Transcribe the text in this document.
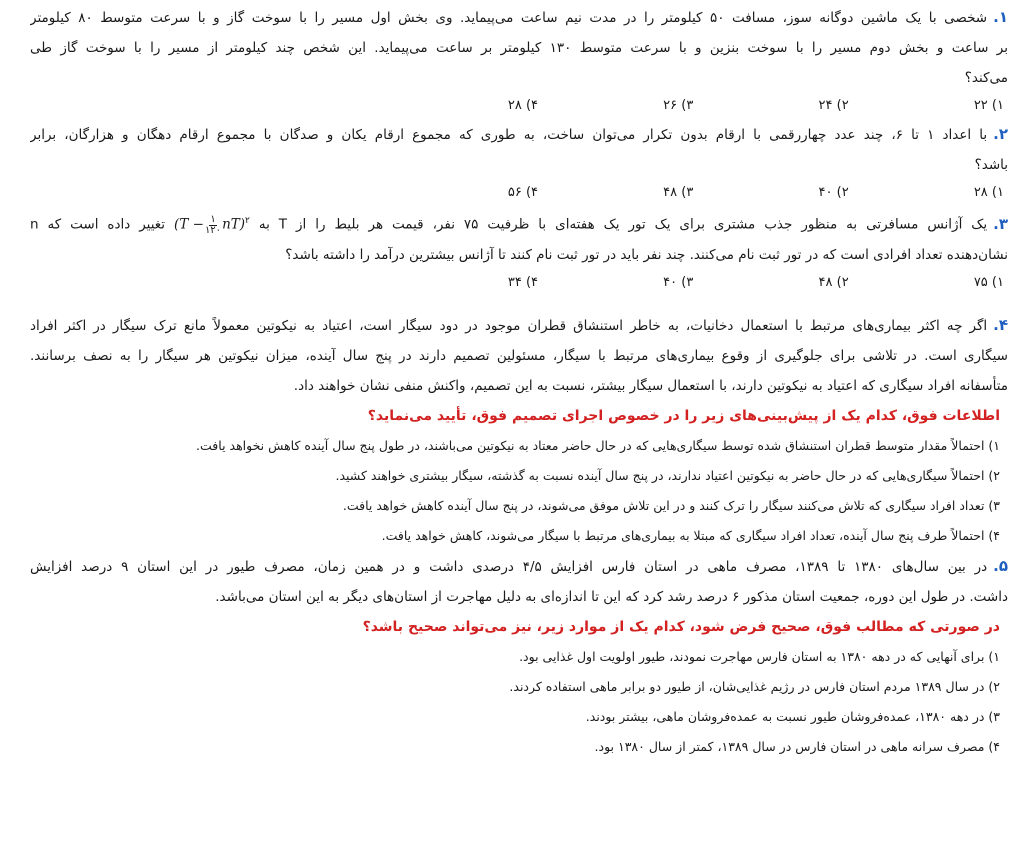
۱.شخصی با یک ماشین دوگانه سوز، مسافت ۵۰ کیلومتر را در مدت نیم ساعت می‌پیماید. وی بخش اول مسیر را با سوخت گاز و با سرعت متوسط ۸۰ کیلومتر
بر ساعت و بخش دوم مسیر را با سوخت بنزین و با سرعت متوسط ۱۳۰ کیلومتر بر ساعت می‌پیماید. این شخص چند کیلومتر از مسیر را با سوخت گاز طی
می‌کند؟
۱) ۲۲
۲) ۲۴
۳) ۲۶
۴) ۲۸
۲.با اعداد ۱ تا ۶، چند عدد چهاررقمی با ارقام بدون تکرار می‌توان ساخت، به طوری که مجموع ارقام یکان و صدگان با مجموع ارقام دهگان و هزارگان، برابر
باشد؟
۱) ۲۸
۲) ۴۰
۳) ۴۸
۴) ۵۶
۳.یک آژانس مسافرتی به منظور جذب مشتری برای یک تور یک هفته‌ای با ظرفیت ۷۵ نفر، قیمت هر بلیط را از T به $(T - \frac{۱}{۱۲۰} nT)^۲$ تغییر داده است که n
نشان‌دهنده تعداد افرادی است که در تور ثبت نام می‌کنند. چند نفر باید در تور ثبت نام کنند تا آژانس بیشترین درآمد را داشته باشد؟
۱) ۷۵
۲) ۴۸
۳) ۴۰
۴) ۳۴
۴.اگر چه اکثر بیماری‌های مرتبط با استعمال دخانیات، به خاطر استنشاق قطران موجود در دود سیگار است، اعتیاد به نیکوتین معمولاً مانع ترک سیگار در اکثر افراد
سیگاری است. در تلاشی برای جلوگیری از وقوع بیماری‌های مرتبط با سیگار، مسئولین تصمیم دارند در پنج سال آینده، میزان نیکوتین هر سیگار را به نصف برسانند.
متأسفانه افراد سیگاری که اعتیاد به نیکوتین دارند، با استعمال سیگار بیشتر، نسبت به این تصمیم، واکنش منفی نشان خواهند داد.
اطلاعات فوق، کدام یک از پیش‌بینی‌های زیر را در خصوص اجرای تصمیم فوق، تأیید می‌نماید؟
۱) احتمالاً مقدار متوسط قطران استنشاق شده توسط سیگاری‌هایی که در حال حاضر معتاد به نیکوتین می‌باشند، در طول پنج سال آینده کاهش نخواهد یافت.
۲) احتمالاً سیگاری‌هایی که در حال حاضر به نیکوتین اعتیاد ندارند، در پنج سال آینده نسبت به گذشته، سیگار بیشتری خواهند کشید.
۳) تعداد افراد سیگاری که تلاش می‌کنند سیگار را ترک کنند و در این تلاش موفق می‌شوند، در پنج سال آینده کاهش خواهد یافت.
۴) احتمالاً طرف پنج سال آینده، تعداد افراد سیگاری که مبتلا به بیماری‌های مرتبط با سیگار می‌شوند، کاهش خواهد یافت.
۵.در بین سال‌های ۱۳۸۰ تا ۱۳۸۹، مصرف ماهی در استان فارس افزایش ۴/۵ درصدی داشت و در همین زمان، مصرف طیور در این استان ۹ درصد افزایش
داشت. در طول این دوره، جمعیت استان مذکور ۶ درصد رشد کرد که این تا اندازه‌ای به دلیل مهاجرت از استان‌های دیگر به این استان می‌باشد.
در صورتی که مطالب فوق، صحیح فرض شود، کدام یک از موارد زیر، نیز می‌تواند صحیح باشد؟
۱) برای آنهایی که در دهه ۱۳۸۰ به استان فارس مهاجرت نمودند، طیور اولویت اول غذایی بود.
۲) در سال ۱۳۸۹ مردم استان فارس در رژیم غذایی‌شان، از طیور دو برابر ماهی استفاده کردند.
۳) در دهه ۱۳۸۰، عمده‌فروشان طیور نسبت به عمده‌فروشان ماهی، بیشتر بودند.
۴) مصرف سرانه ماهی در استان فارس در سال ۱۳۸۹، کمتر از سال ۱۳۸۰ بود.
